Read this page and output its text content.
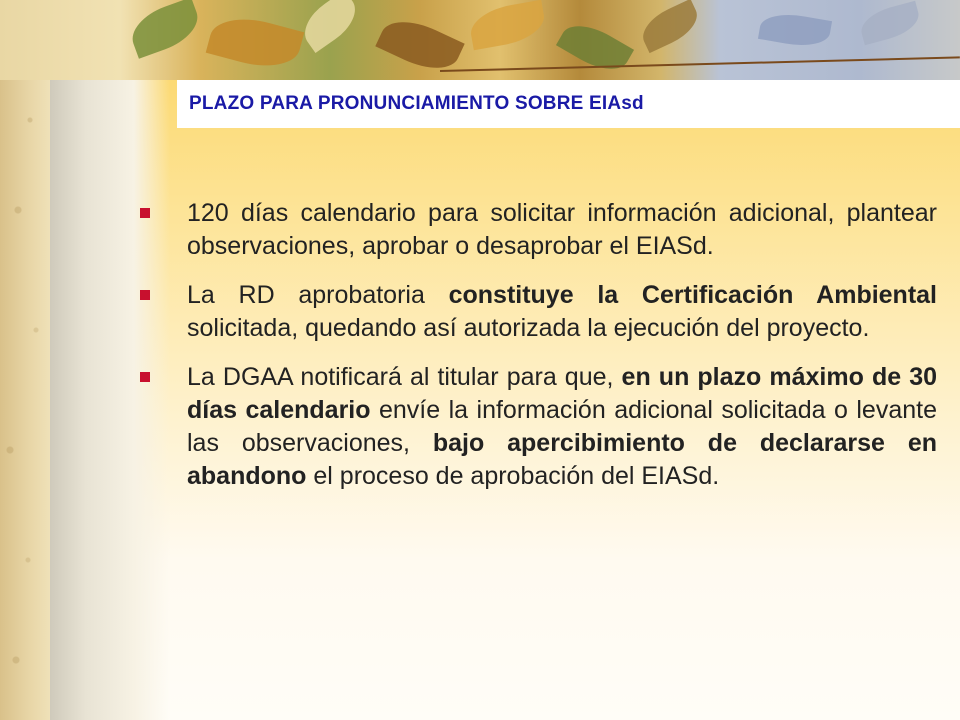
PLAZO PARA PRONUNCIAMIENTO SOBRE EIAsd

120 días calendario para solicitar información adicional, plantear observaciones, aprobar o desaprobar el EIASd.

La RD aprobatoria constituye la Certificación Ambiental solicitada, quedando así autorizada la ejecución del proyecto.

La DGAA notificará al titular para que, en un plazo máximo de 30 días calendario envíe la información adicional solicitada o levante las observaciones, bajo apercibimiento de declararse en abandono el proceso de aprobación del EIASd.
